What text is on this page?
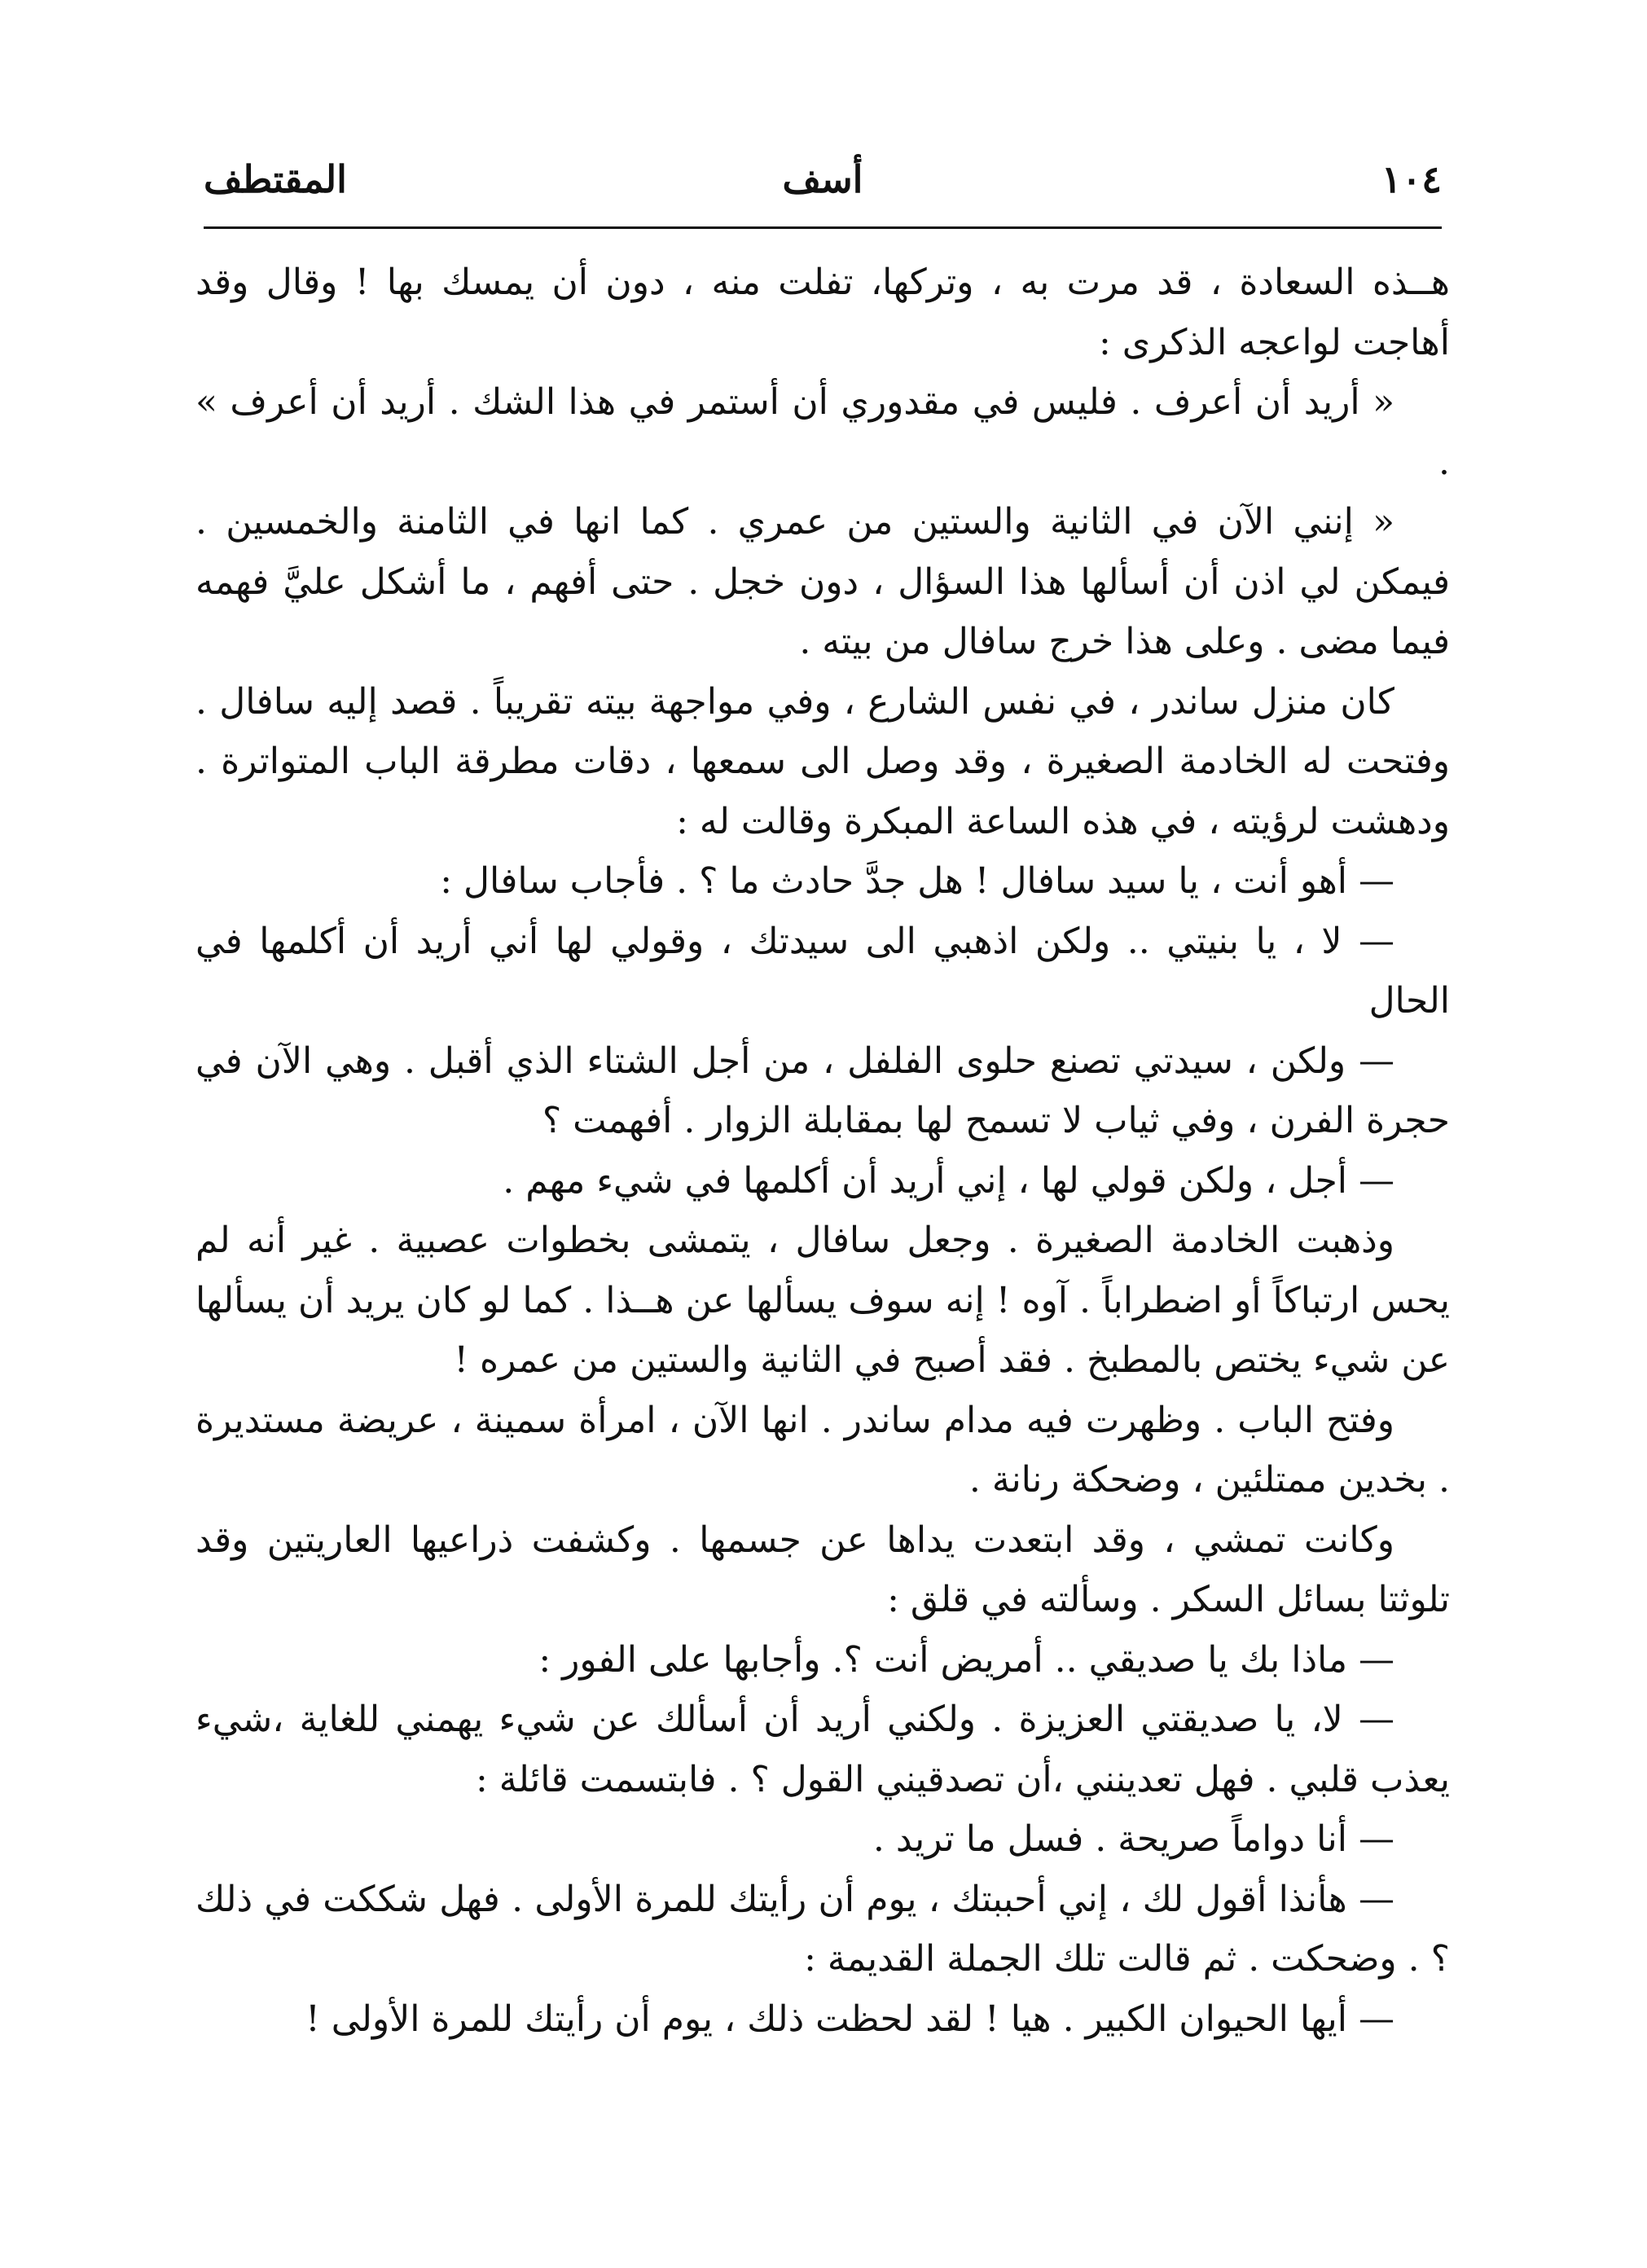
١٠٤
أسف
المقتطف

هــذه السعادة ، قد مرت به ، وتركها، تفلت منه ، دون أن يمسك بها ! وقال وقد أهاجت لواعجه الذكرى :

« أريد أن أعرف . فليس في مقدوري أن أستمر في هذا الشك . أريد أن أعرف » .

« إنني الآن في الثانية والستين من عمري . كما انها في الثامنة والخمسين . فيمكن لي اذن أن أسألها هذا السؤال ، دون خجل . حتى أفهم ، ما أشكل عليَّ فهمه فيما مضى . وعلى هذا خرج سافال من بيته .

كان منزل ساندر ، في نفس الشارع ، وفي مواجهة بيته تقريباً . قصد إليه سافال . وفتحت له الخادمة الصغيرة ، وقد وصل الى سمعها ، دقات مطرقة الباب المتواترة . ودهشت لرؤيته ، في هذه الساعة المبكرة وقالت له :

— أهو أنت ، يا سيد سافال ! هل جدَّ حادث ما ؟ . فأجاب سافال :

— لا ، يا بنيتي .. ولكن اذهبي الى سيدتك ، وقولي لها أني أريد أن أكلمها في الحال

— ولكن ، سيدتي تصنع حلوى الفلفل ، من أجل الشتاء الذي أقبل . وهي الآن في حجرة الفرن ، وفي ثياب لا تسمح لها بمقابلة الزوار . أفهمت ؟

— أجل ، ولكن قولي لها ، إني أريد أن أكلمها في شيء مهم .

وذهبت الخادمة الصغيرة . وجعل سافال ، يتمشى بخطوات عصبية . غير أنه لم يحس ارتباكاً أو اضطراباً . آوه ! إنه سوف يسألها عن هــذا . كما لو كان يريد أن يسألها عن شيء يختص بالمطبخ . فقد أصبح في الثانية والستين من عمره !

وفتح الباب . وظهرت فيه مدام ساندر . انها الآن ، امرأة سمينة ، عريضة مستديرة . بخدين ممتلئين ، وضحكة رنانة .

وكانت تمشي ، وقد ابتعدت يداها عن جسمها . وكشفت ذراعيها العاريتين وقد تلوثتا بسائل السكر . وسألته في قلق :

— ماذا بك يا صديقي .. أمريض أنت ؟. وأجابها على الفور :

— لا، يا صديقتي العزيزة . ولكني أريد أن أسألك عن شيء يهمني للغاية ،شيء يعذب قلبي . فهل تعدينني ،أن تصدقيني القول ؟ . فابتسمت قائلة :

— أنا دواماً صريحة . فسل ما تريد .

— هأنذا أقول لك ، إني أحببتك ، يوم أن رأيتك للمرة الأولى . فهل شككت في ذلك ؟ . وضحكت . ثم قالت تلك الجملة القديمة :

— أيها الحيوان الكبير . هيا ! لقد لحظت ذلك ، يوم أن رأيتك للمرة الأولى !
